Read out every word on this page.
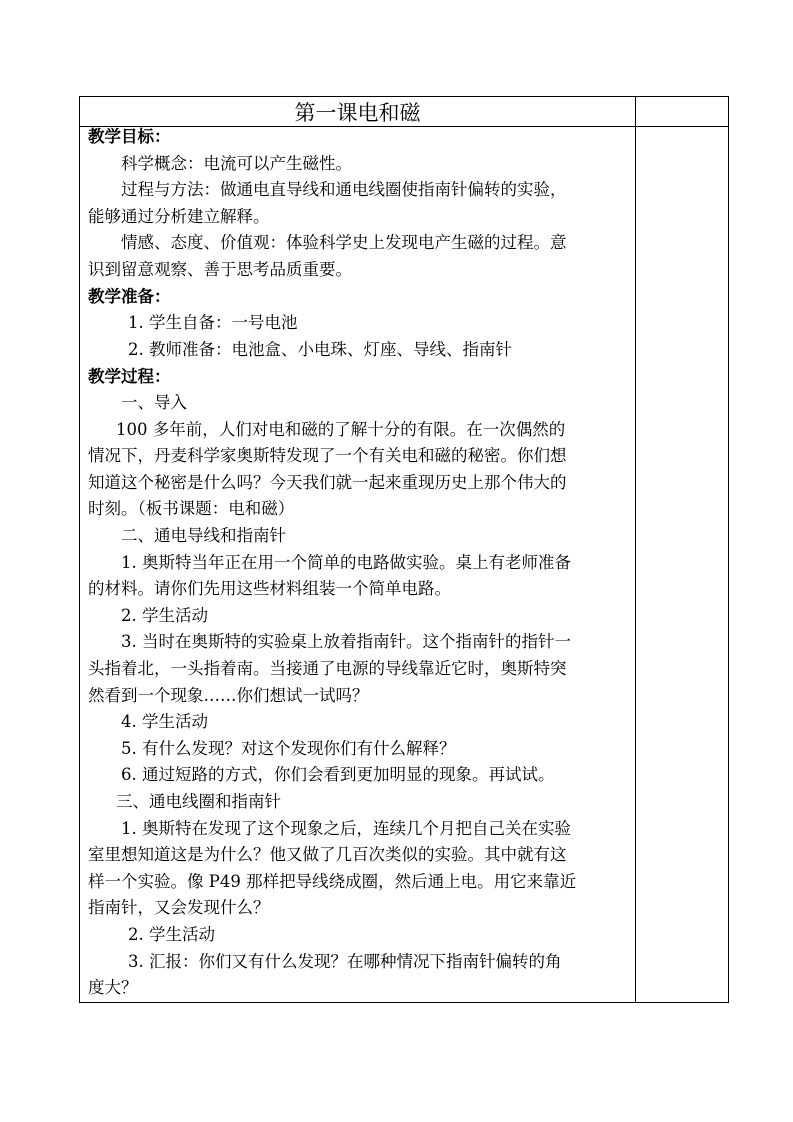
第一课电和磁
教学目标：
科学概念：电流可以产生磁性。
过程与方法：做通电直导线和通电线圈使指南针偏转的实验，
能够通过分析建立解释。
情感、态度、价值观：体验科学史上发现电产生磁的过程。意
识到留意观察、善于思考品质重要。
教学准备：
1. 学生自备：一号电池
2. 教师准备：电池盒、小电珠、灯座、导线、指南针
教学过程：
一、导入
100 多年前，人们对电和磁的了解十分的有限。在一次偶然的
情况下，丹麦科学家奥斯特发现了一个有关电和磁的秘密。你们想
知道这个秘密是什么吗？今天我们就一起来重现历史上那个伟大的
时刻。（板书课题：电和磁）
二、通电导线和指南针
1. 奥斯特当年正在用一个简单的电路做实验。桌上有老师准备
的材料。请你们先用这些材料组装一个简单电路。
2. 学生活动
3. 当时在奥斯特的实验桌上放着指南针。这个指南针的指针一
头指着北，一头指着南。当接通了电源的导线靠近它时，奥斯特突
然看到一个现象……你们想试一试吗？
4. 学生活动
5. 有什么发现？对这个发现你们有什么解释？
6. 通过短路的方式，你们会看到更加明显的现象。再试试。
三、通电线圈和指南针
1. 奥斯特在发现了这个现象之后，连续几个月把自己关在实验
室里想知道这是为什么？他又做了几百次类似的实验。其中就有这
样一个实验。像 P49 那样把导线绕成圈，然后通上电。用它来靠近
指南针，又会发现什么？
2. 学生活动
3. 汇报：你们又有什么发现？在哪种情况下指南针偏转的角
度大？
